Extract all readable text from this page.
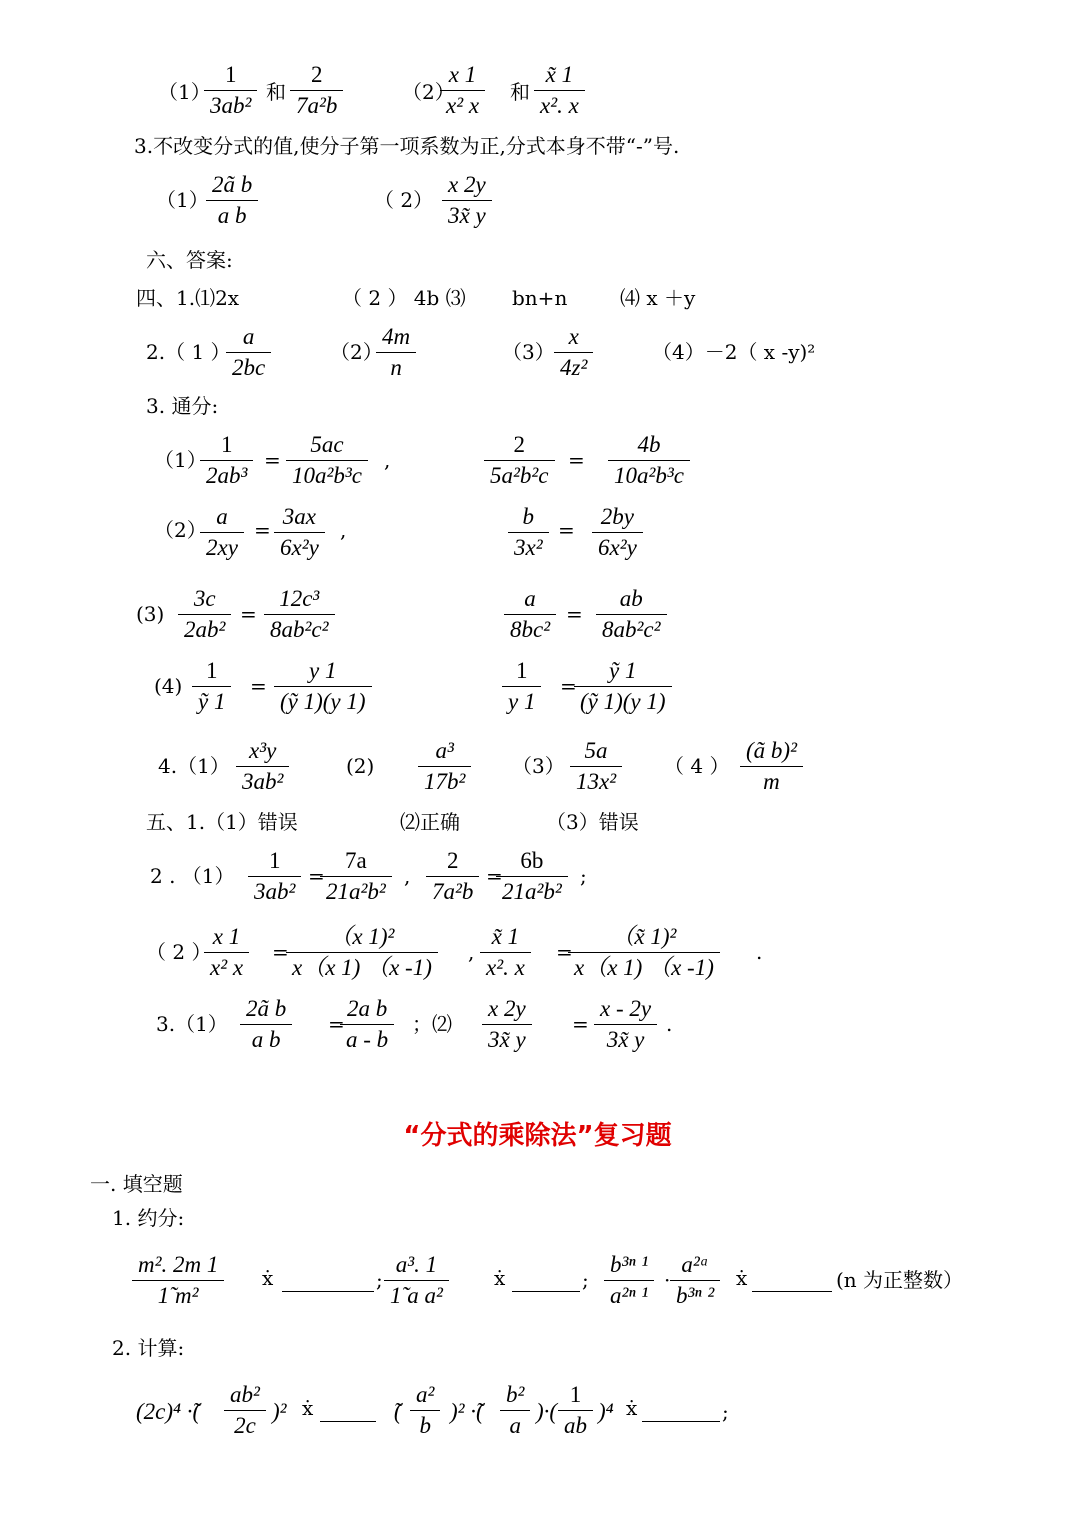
（1）
1
3ab²
和
2
7a²b
（2）
x 1
x² x
和
x̃ 1
x². x
3.不改变分式的值,使分子第一项系数为正,分式本身不带“-”号.
（1）
2ã b
a b
（ 2）
x 2y
3x̃ y
六、答案:
四、1.⑴2x	（ 2 ） 4b ⑶ bn+n	⑷ x ＋y
2.（ 1 ）
a
2bc
（2）
4m
n
（3）
x
4z²
（4）－2（ x -y)²
3. 通分:
（1）
1
2ab³
=
5ac
10a²b³c
,
2
5a²b²c
=
4b
10a²b³c
（2）
a
2xy
=
3ax
6x²y
,
b
3x²
=
2by
6x²y
(3)
3c
2ab²
=
12c³
8ab²c²
a
8bc²
=
ab
8ab²c²
(4)
1
ỹ 1
=
y 1
(ỹ 1)(y 1)
1
y 1
=
ỹ 1
(ỹ 1)(y 1)
4.（1）
x³y
3ab²
(2)
a³
17b²
（3）
5a
13x²
（ 4 ）
(ã b)²
m
五、1.（1）错误	⑵正确	（3）错误
2 . （1）
1
3ab²
=
7a
21a²b²
,
2
7a²b
=
6b
21a²b²
;
（ 2 ）
x 1
x² x
=
（x 1)²
x（x 1) （x -1)
,
x̃ 1
x². x
=
（x̃ 1)²
x（x 1) （x -1)
.
3.（1）
2ã b
a b
=
2a b
a - b
；⑵
x 2y
3x̃ y
=
x - 2y
3x̃ y
.
“分式的乘除法”复习题
一. 填空题
1. 约分:
m². 2m 1
1̃ m²
ẋ	;
a³. 1
1̃ a a²
ẋ	;
b³ⁿ ¹
a²ⁿ ¹
·
a²ᵃ
b³ⁿ ²
ẋ	(n 为正整数）
2. 计算:
(2c)⁴ ·̃(
ab²
2c
)² ẋ	；̃(
a²
b
)² ·̃(
b²
a
)·(
1
ab
)⁴ ẋ	;
